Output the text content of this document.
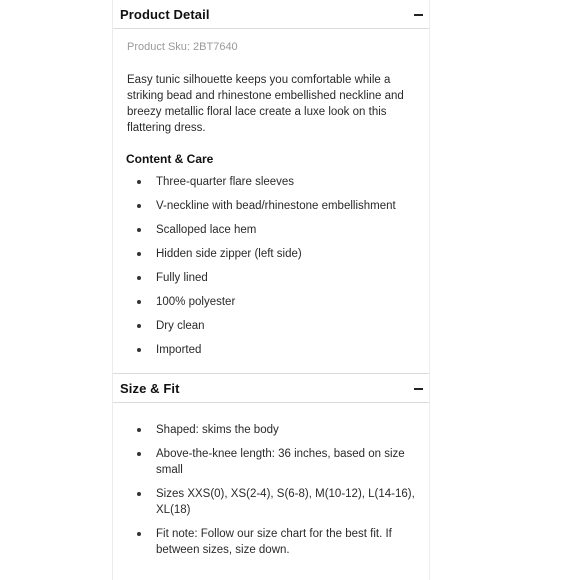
Product Detail
Product Sku: 2BT7640
Easy tunic silhouette keeps you comfortable while a striking bead and rhinestone embellished neckline and breezy metallic floral lace create a luxe look on this flattering dress.
Content & Care
Three-quarter flare sleeves
V-neckline with bead/rhinestone embellishment
Scalloped lace hem
Hidden side zipper (left side)
Fully lined
100% polyester
Dry clean
Imported
Size & Fit
Shaped: skims the body
Above-the-knee length: 36 inches, based on size small
Sizes XXS(0), XS(2-4), S(6-8), M(10-12), L(14-16), XL(18)
Fit note: Follow our size chart for the best fit. If between sizes, size down.
